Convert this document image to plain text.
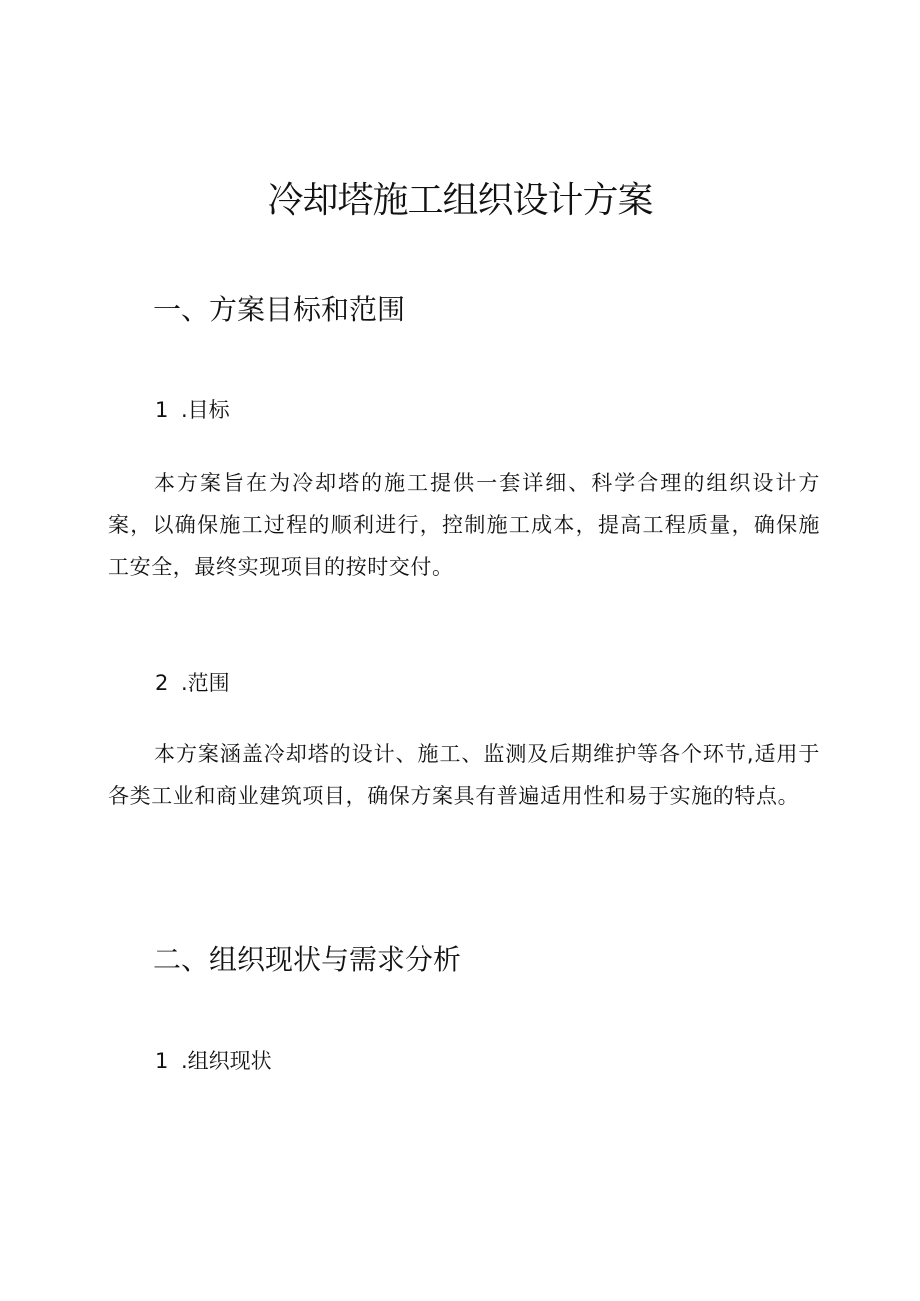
冷却塔施工组织设计方案
一、方案目标和范围
1 .目标

本方案旨在为冷却塔的施工提供一套详细、科学合理的组织设计方案，以确保施工过程的顺利进行，控制施工成本，提高工程质量，确保施工安全，最终实现项目的按时交付。

2 .范围

本方案涵盖冷却塔的设计、施工、监测及后期维护等各个环节,适用于各类工业和商业建筑项目，确保方案具有普遍适用性和易于实施的特点。

二、组织现状与需求分析
1 .组织现状
